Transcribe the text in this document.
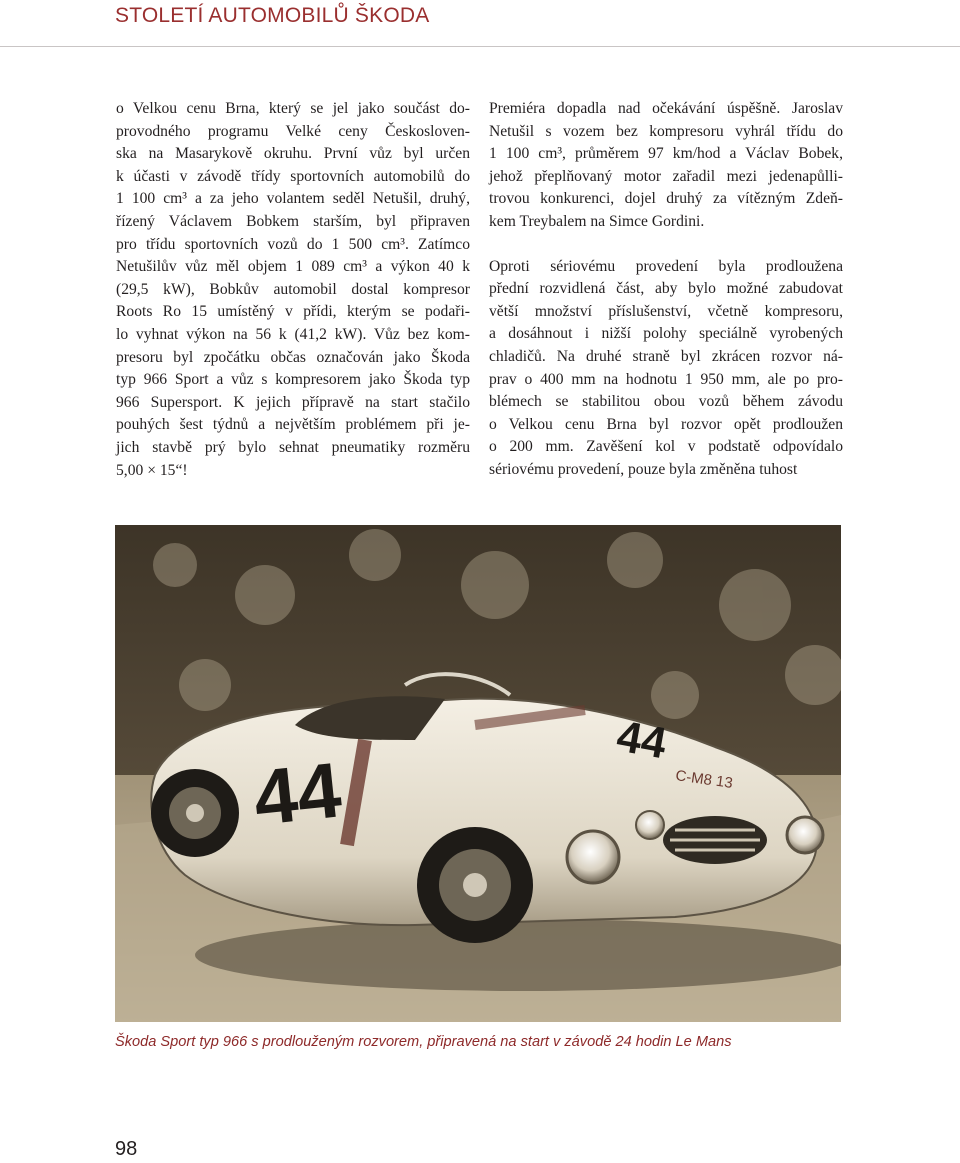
STOLETÍ AUTOMOBILŮ ŠKODA

o Velkou cenu Brna, který se jel jako součást do-
provodného programu Velké ceny Českosloven-
ska na Masarykově okruhu. První vůz byl určen
k účasti v závodě třídy sportovních automobilů do
1 100 cm³ a za jeho volantem seděl Netušil, druhý,
řízený Václavem Bobkem starším, byl připraven
pro třídu sportovních vozů do 1 500 cm³. Zatímco
Netušilův vůz měl objem 1 089 cm³ a výkon 40 k
(29,5 kW), Bobkův automobil dostal kompresor
Roots Ro 15 umístěný v přídi, kterým se podaři-
lo vyhnat výkon na 56 k (41,2 kW). Vůz bez kom-
presoru byl zpočátku občas označován jako Škoda
typ 966 Sport a vůz s kompresorem jako Škoda typ
966 Supersport. K jejich přípravě na start stačilo
pouhých šest týdnů a největším problémem při je-
jich stavbě prý bylo sehnat pneumatiky rozměru
5,00 × 15“!

Premiéra dopadla nad očekávání úspěšně. Jaroslav
Netušil s vozem bez kompresoru vyhrál třídu do
1 100 cm³, průměrem 97 km/hod a Václav Bobek,
jehož přeplňovaný motor zařadil mezi jedenapůlli-
trovou konkurenci, dojel druhý za vítězným Zdeň-
kem Treybalem na Simce Gordini.

Oproti sériovému provedení byla prodloužena
přední rozvidlená část, aby bylo možné zabudovat
větší množství příslušenství, včetně kompresoru,
a dosáhnout i nižší polohy speciálně vyrobených
chladičů. Na druhé straně byl zkrácen rozvor ná-
prav o 400 mm na hodnotu 1 950 mm, ale po pro-
blémech se stabilitou obou vozů během závodu
o Velkou cenu Brna byl rozvor opět prodloužen
o 200 mm. Zavěšení kol v podstatě odpovídalo
sériovému provedení, pouze byla změněna tuhost

44
44
C-M8 13
Škoda Sport typ 966 s prodlouženým rozvorem, připravená na start v závodě 24 hodin Le Mans
98
